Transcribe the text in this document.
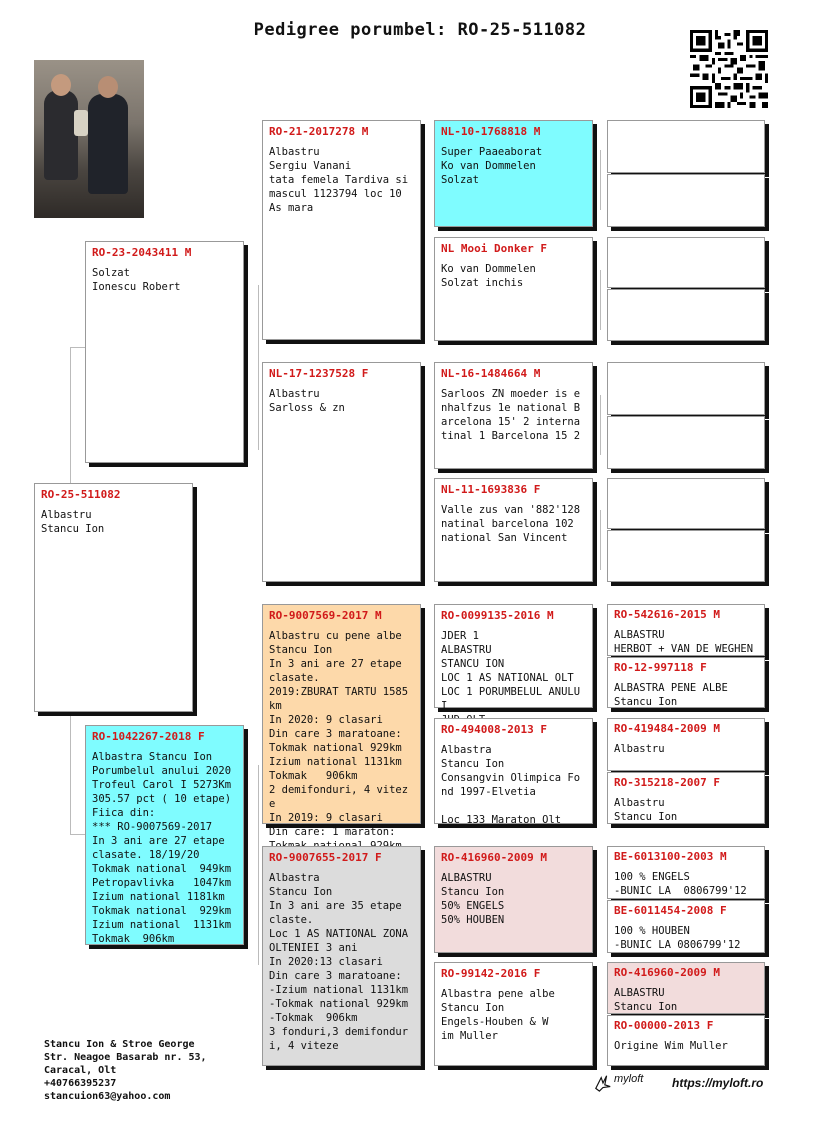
Pedigree porumbel: RO-25-511082
RO-25-511082
Albastru
Stancu Ion
RO-23-2043411 M
Solzat
Ionescu Robert
RO-1042267-2018 F
Albastra Stancu Ion
Porumbelul anului 2020
Trofeul Carol I 5273Km
305.57 pct ( 10 etape)
Fiica din:
*** RO-9007569-2017
In 3 ani are 27 etape
clasate. 18/19/20
Tokmak national  949km
Petropavlivka   1047km
Izium national 1181km
Tokmak national  929km
Izium national  1131km
Tokmak  906km
RO-21-2017278 M
Albastru
Sergiu Vanani
tata femela Tardiva si mascul 1123794 loc 10 As mara
NL-17-1237528 F
Albastru
Sarloss & zn
RO-9007569-2017 M
Albastru cu pene albe
Stancu Ion
In 3 ani are 27 etape clasate.
2019:ZBURAT TARTU 1585km
In 2020: 9 clasari
Din care 3 maratoane:
Tokmak national 929km
Izium national 1131km
Tokmak   906km
2 demifonduri, 4 viteze
In 2019: 9 clasari
Din care: 1 maraton:

RO-9007655-2017 F
Albastra
Stancu Ion
In 3 ani are 35 etape claste.
Loc 1 AS NATIONAL ZONA OLTENIEI 3 ani
In 2020:13 clasari
Din care 3 maratoane:
-Izium national 1131km
-Tokmak national 929km
-Tokmak  906km
3 fonduri,3 demifonduri, 4 viteze
NL-10-1768818 M
Super Paaeaborat
Ko van Dommelen
Solzat
NL Mooi Donker F
Ko van Dommelen
Solzat inchis
NL-16-1484664 M
Sarloos ZN moeder is enhalfzus 1e national Barcelona 15' 2 internatinal 1 Barcelona 15 2
NL-11-1693836 F
Valle zus van '882'128 natinal barcelona 102 national San Vincent
RO-0099135-2016 M
JDER 1
ALBASTRU
STANCU ION
LOC 1 AS NATIONAL OLT
LOC 1 PORUMBELUL ANULUI

RO-494008-2013 F
Albastra
Stancu Ion
Consangvin Olimpica Fond 1997-Elvetia

Loc 133 Maraton Olt
RO-416960-2009 M
ALBASTRU
Stancu Ion
50% ENGELS
50% HOUBEN
RO-99142-2016 F
Albastra pene albe
Stancu Ion
Engels-Houben & W
im Muller
RO-542616-2015 M
ALBASTRU
HERBOT + VAN DE WEGHEN
RO-12-997118 F
ALBASTRA PENE ALBE
Stancu Ion
RO-419484-2009 M
Albastru
RO-315218-2007 F
Albastru
Stancu Ion
BE-6013100-2003 M
100 % ENGELS
-BUNIC LA  0806799'12
BE-6011454-2008 F
100 % HOUBEN
-BUNIC LA 0806799'12
RO-416960-2009 M
ALBASTRU
Stancu Ion
RO-00000-2013 F
Origine Wim Muller
Stancu Ion & Stroe George
Str. Neagoe Basarab nr. 53,
Caracal, Olt
+40766395237
stancuion63@yahoo.com
myloft https://myloft.ro
